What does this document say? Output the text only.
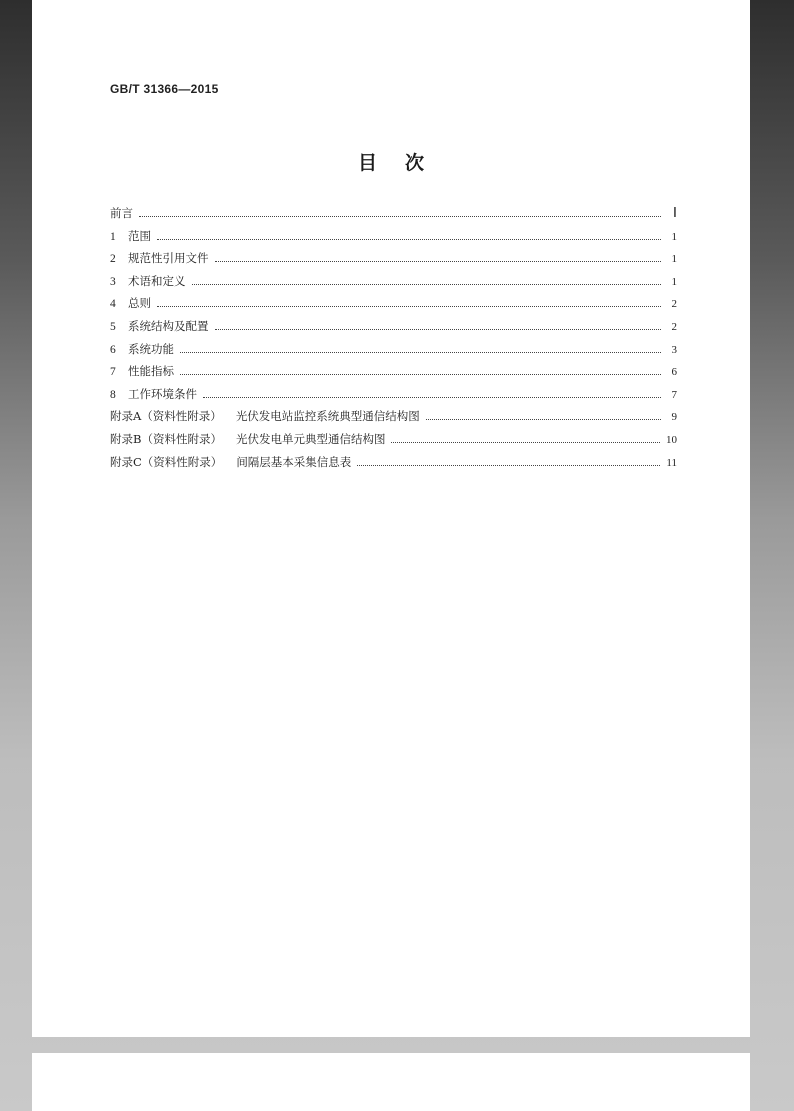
GB/T 31366—2015
目次
前言	Ⅰ
1	范围	1
2	规范性引用文件	1
3	术语和定义	1
4	总则	2
5	系统结构及配置	2
6	系统功能	3
7	性能指标	6
8	工作环境条件	7
附录A（资料性附录） 光伏发电站监控系统典型通信结构图	9
附录B（资料性附录） 光伏发电单元典型通信结构图	10
附录C（资料性附录） 间隔层基本采集信息表	11
